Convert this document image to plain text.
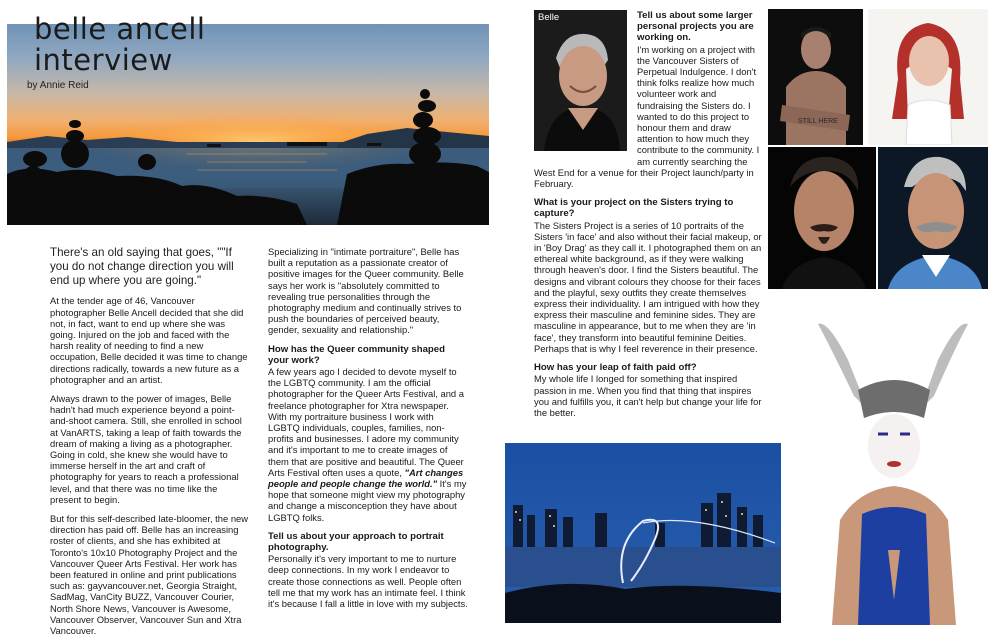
belle ancell
interview
by Annie Reid

There's an old saying that goes, ""If you do not change direction you will end up where you are going."

At the tender age of 46, Vancouver photographer Belle Ancell decided that she did not, in fact, want to end up where she was going. Injured on the job and faced with the harsh reality of needing to find a new occupation, Belle decided it was time to change directions radically, towards a new future as a photographer and an artist.

Always drawn to the power of images, Belle hadn't had much experience beyond a point-and-shoot camera. Still, she enrolled in school at VanARTS, taking a leap of faith towards the dream of making a living as a photographer. Going in cold, she knew she would have to immerse herself in the art and craft of photography for years to reach a professional level, and that there was no time like the present to begin.

But for this self-described late-bloomer, the new direction has paid off. Belle has an increasing roster of clients, and she has exhibited at Toronto's 10x10 Photography Project and the Vancouver Queer Arts Festival. Her work has been featured in online and print publications such as: gayvancouver.net, Georgia Straight, SadMag, VanCity BUZZ, Vancouver Courier, North Shore News, Vancouver is Awesome, Vancouver Observer, Vancouver Sun and Xtra Vancouver.

Specializing in "intimate portraiture", Belle has built a reputation as a passionate creator of positive images for the Queer community. Belle says her work is "absolutely committed to revealing true personalities through the photography medium and continually strives to push the boundaries of perceived beauty, gender, sexuality and relationship."

How has the Queer community shaped your work?

A few years ago I decided to devote myself to the LGBTQ community. I am the official photographer for the Queer Arts Festival, and a freelance photographer for Xtra newspaper. With my portraiture business I work with LGBTQ individuals, couples, families, non-profits and businesses. I adore my community and it's important to me to create images of them that are positive and beautiful. The Queer Arts Festival often uses a quote, "Art changes people and people change the world." It's my hope that someone might view my photography and change a misconception they have about LGBTQ folks.

Tell us about your approach to portrait photography.

Personally it's very important to me to nurture deep connections. In my work I endeavor to create those connections as well. People often tell me that my work has an intimate feel. I think it's because I fall a little in love with my subjects.

Belle	Tell us about some larger personal projects you are working on.
I'm working on a project with the Vancouver Sisters of Perpetual Indulgence. I don't think folks realize how much volunteer work and fundraising the Sisters do. I wanted to do this project to honour them and draw attention to how much they contribute to the community. I am currently searching the

West End for a venue for their Project launch/party in February.

What is your project on the Sisters trying to capture?

The Sisters Project is a series of 10 portraits of the Sisters 'in face' and also without their facial makeup, or in 'Boy Drag' as they call it. I photographed them on an ethereal white background, as if they were walking through heaven's door. I find the Sisters beautiful. The designs and vibrant colours they choose for their faces and the playful, sexy outfits they create themselves express their individuality. I am intrigued with how they express their masculine and feminine sides. They are masculine in appearance, but to me when they are 'in face', they transform into beautiful feminine Deities. Perhaps that is why I feel reverence in their presence.

How has your leap of faith paid off?

My whole life I longed for something that inspired passion in me. When you find that thing that inspires you and fulfills you, it can't help but change your life for the better.

STILL HERE
